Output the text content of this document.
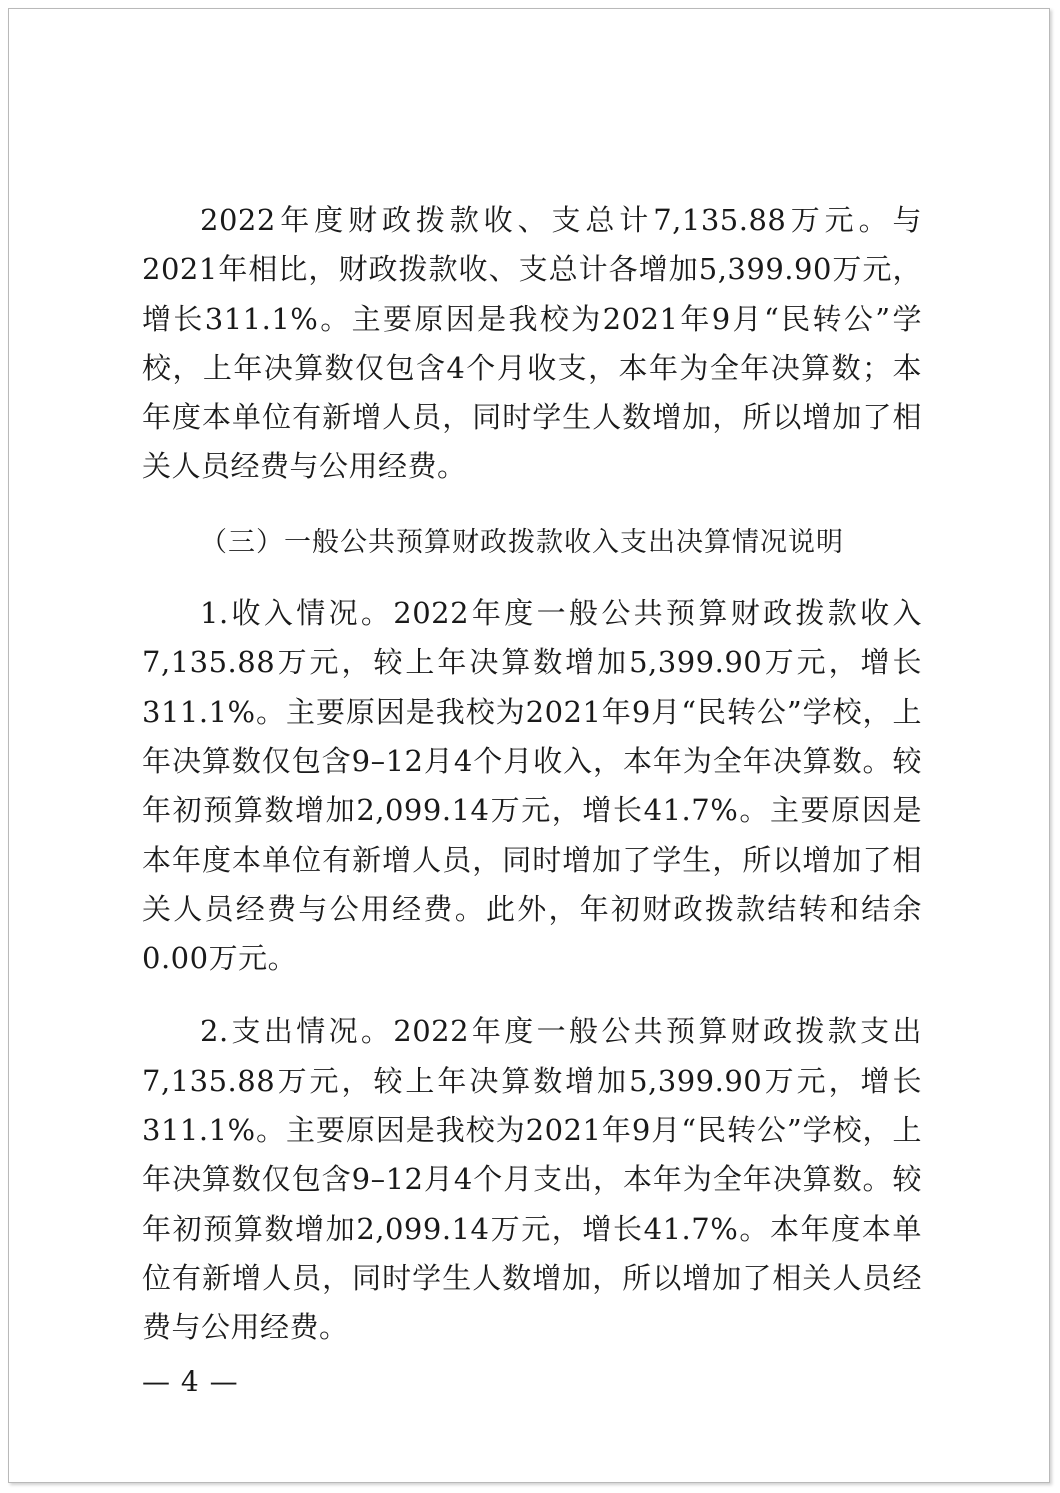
2022年度财政拨款收、支总计7,135.88万元。与2021年相比，财政拨款收、支总计各增加5,399.90万元，增长311.1%。主要原因是我校为2021年9月“民转公”学校，上年决算数仅包含4个月收支，本年为全年决算数；本年度本单位有新增人员，同时学生人数增加，所以增加了相关人员经费与公用经费。

（三）一般公共预算财政拨款收入支出决算情况说明

1.收入情况。2022年度一般公共预算财政拨款收入7,135.88万元，较上年决算数增加5,399.90万元，增长311.1%。主要原因是我校为2021年9月“民转公”学校，上年决算数仅包含9–12月4个月收入，本年为全年决算数。较年初预算数增加2,099.14万元，增长41.7%。主要原因是本年度本单位有新增人员，同时增加了学生，所以增加了相关人员经费与公用经费。此外，年初财政拨款结转和结余0.00万元。

2.支出情况。2022年度一般公共预算财政拨款支出7,135.88万元，较上年决算数增加5,399.90万元，增长311.1%。主要原因是我校为2021年9月“民转公”学校，上年决算数仅包含9–12月4个月支出，本年为全年决算数。较年初预算数增加2,099.14万元，增长41.7%。本年度本单位有新增人员，同时学生人数增加，所以增加了相关人员经费与公用经费。

— 4 —
